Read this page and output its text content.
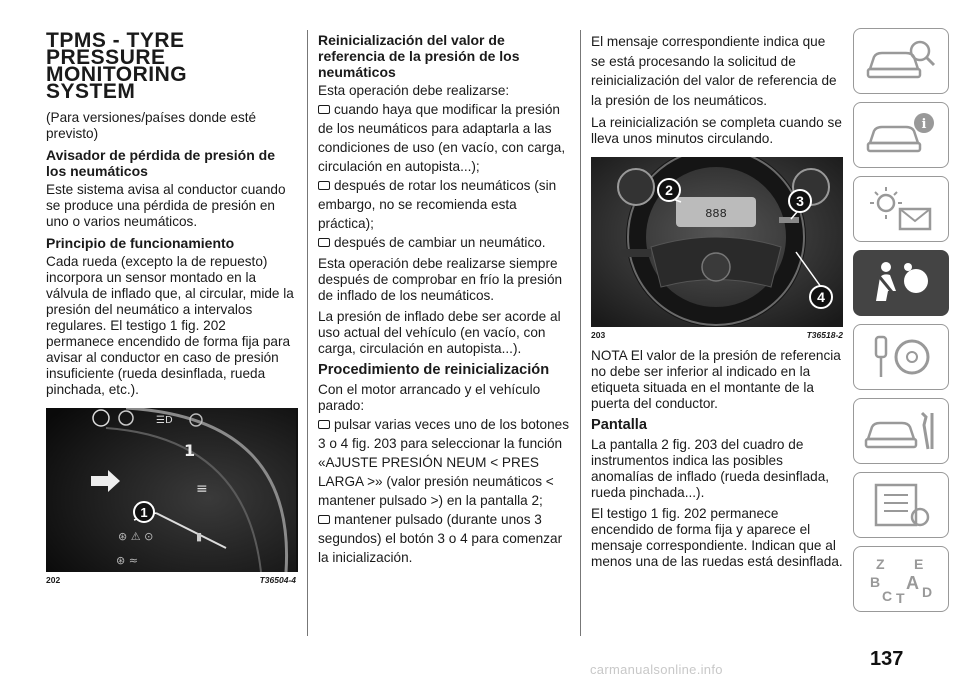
TPMS - TYRE
PRESSURE
MONITORING
SYSTEM
(Para versiones/países donde esté previsto)
Avisador de pérdida de presión de los neumáticos
Este sistema avisa al conductor cuando se produce una pérdida de presión en uno o varios neumáticos.
Principio de funcionamiento
Cada rueda (excepto la de repuesto) incorpora un sensor montado en la válvula de inflado que, al circular, mide la presión del neumático a intervalos regulares. El testigo 1 fig. 202 permanece encendido de forma fija para avisar al conductor en caso de presión insuficiente (rueda desinflada, rueda pinchada, etc.).
☰D
1
≡
⊛ ⚠ ⊙	▮
⊛ ≈
1
202	T36504-4
Reinicialización del valor de referencia de la presión de los neumáticos
Esta operación debe realizarse:
cuando haya que modificar la presión de los neumáticos para adaptarla a las condiciones de uso (en vacío, con carga, circulación en autopista...);
después de rotar los neumáticos (sin embargo, no se recomienda esta práctica);
después de cambiar un neumático.
Esta operación debe realizarse siempre después de comprobar en frío la presión de inflado de los neumáticos.
La presión de inflado debe ser acorde al uso actual del vehículo (en vacío, con carga, circulación en autopista...).
Procedimiento de reinicialización
Con el motor arrancado y el vehículo parado:
pulsar varias veces uno de los botones 3 o 4 fig. 203 para seleccionar la función «AJUSTE PRESIÓN NEUM < PRES LARGA >» (valor presión neumáticos < mantener pulsado >) en la pantalla 2;
mantener pulsado (durante unos 3 segundos) el botón 3 o 4 para comenzar la inicialización.
El mensaje correspondiente indica que se está procesando la solicitud de reinicialización del valor de referencia de la presión de los neumáticos.
La reinicialización se completa cuando se lleva unos minutos circulando.
888
2
3
4
203	T36518-2
NOTA El valor de la presión de referencia no debe ser inferior al indicado en la etiqueta situada en el montante de la puerta del conductor.
Pantalla
La pantalla 2 fig. 203 del cuadro de instrumentos indica las posibles anomalías de inflado (rueda desinflada, rueda pinchada...).
El testigo 1 fig. 202 permanece encendido de forma fija y aparece el mensaje correspondiente. Indican que al menos una de las ruedas está desinflada.
i
Z E
B A
C T D
137
carmanualsonline.info
